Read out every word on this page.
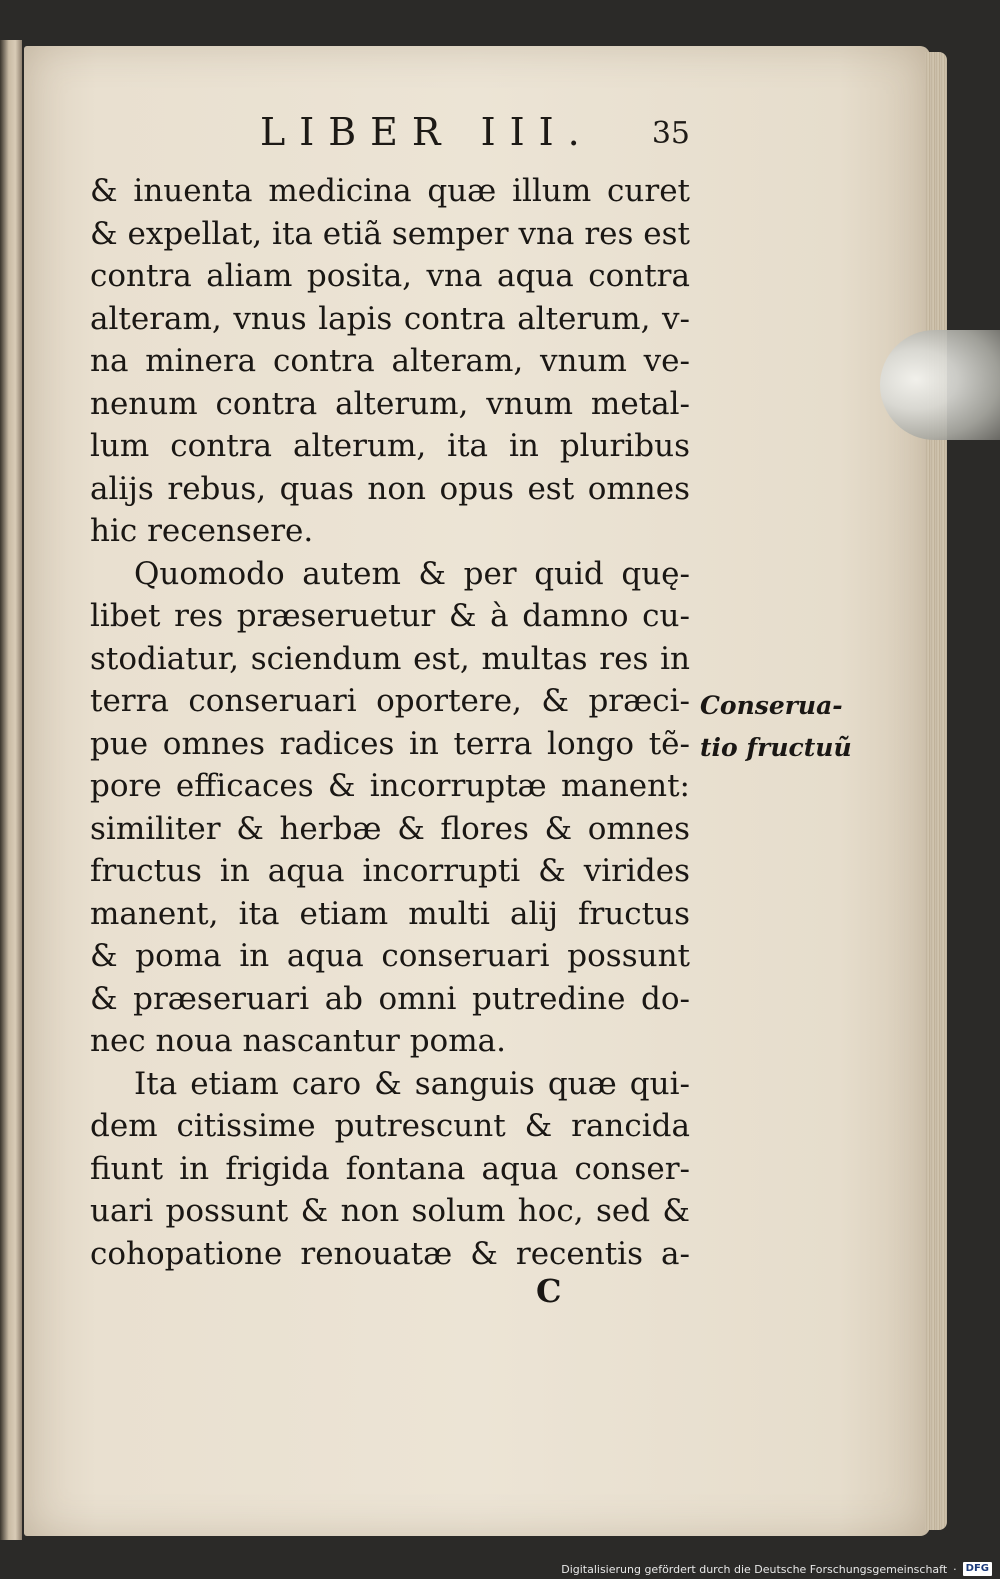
LIBER III. 35
& inuenta medicina quæ illum curet
& expellat, ita etiã semper vna res est
contra aliam posita, vna aqua contra
alteram, vnus lapis contra alterum, v-
na minera contra alteram, vnum ve-
nenum contra alterum, vnum metal-
lum contra alterum, ita in pluribus
alijs rebus, quas non opus est omnes
hic recensere.
Quomodo autem & per quid quę-
libet res præseruetur & à damno cu-
stodiatur, sciendum est, multas res in
terra conseruari oportere, & præci-
pue omnes radices in terra longo tẽ-
pore efficaces & incorruptæ manent:
similiter & herbæ & flores & omnes
fructus in aqua incorrupti & virides
manent, ita etiam multi alij fructus
& poma in aqua conseruari possunt
& præseruari ab omni putredine do-
nec noua nascantur poma.
Ita etiam caro & sanguis quæ qui-
dem citissime putrescunt & rancida
fiunt in frigida fontana aqua conser-
uari possunt & non solum hoc, sed &
cohopatione renouatæ & recentis a-
Conserua-
tio fructuũ
C
Digitalisierung gefördert durch die Deutsche Forschungsgemeinschaft · DFG
